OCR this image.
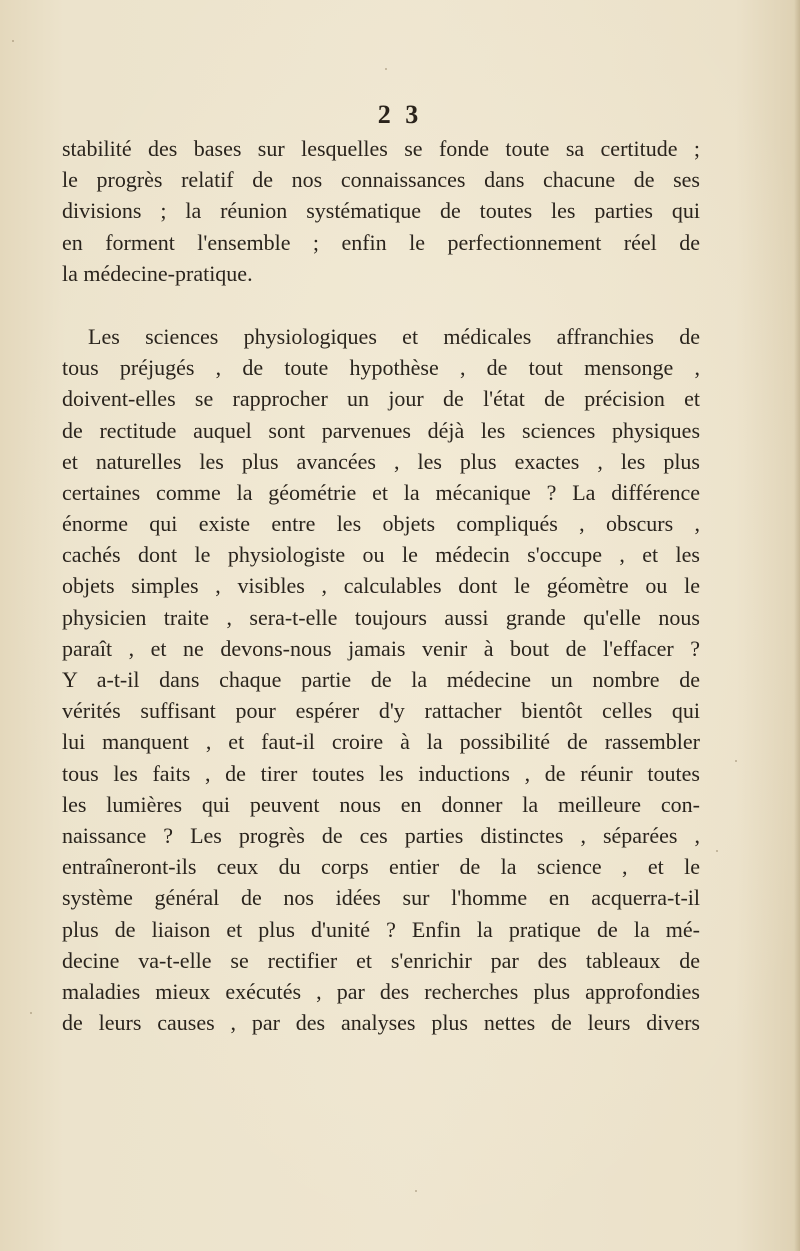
2 3
stabilité des bases sur lesquelles se fonde toute sa certitude ;
le progrès relatif de nos connaissances dans chacune de ses
divisions ; la réunion systématique de toutes les parties qui
en forment l'ensemble ; enfin le perfectionnement réel de
la médecine-pratique.
Les sciences physiologiques et médicales affranchies de
tous préjugés , de toute hypothèse , de tout mensonge ,
doivent-elles se rapprocher un jour de l'état de précision et
de rectitude auquel sont parvenues déjà les sciences physiques
et naturelles les plus avancées , les plus exactes , les plus
certaines comme la géométrie et la mécanique ? La différence
énorme qui existe entre les objets compliqués , obscurs ,
cachés dont le physiologiste ou le médecin s'occupe , et les
objets simples , visibles , calculables dont le géomètre ou le
physicien traite , sera-t-elle toujours aussi grande qu'elle nous
paraît , et ne devons-nous jamais venir à bout de l'effacer ?
Y a-t-il dans chaque partie de la médecine un nombre de
vérités suffisant pour espérer d'y rattacher bientôt celles qui
lui manquent , et faut-il croire à la possibilité de rassembler
tous les faits , de tirer toutes les inductions , de réunir toutes
les lumières qui peuvent nous en donner la meilleure con-
naissance ? Les progrès de ces parties distinctes , séparées ,
entraîneront-ils ceux du corps entier de la science , et le
système général de nos idées sur l'homme en acquerra-t-il
plus de liaison et plus d'unité ? Enfin la pratique de la mé-
decine va-t-elle se rectifier et s'enrichir par des tableaux de
maladies mieux exécutés , par des recherches plus approfondies
de leurs causes , par des analyses plus nettes de leurs divers
